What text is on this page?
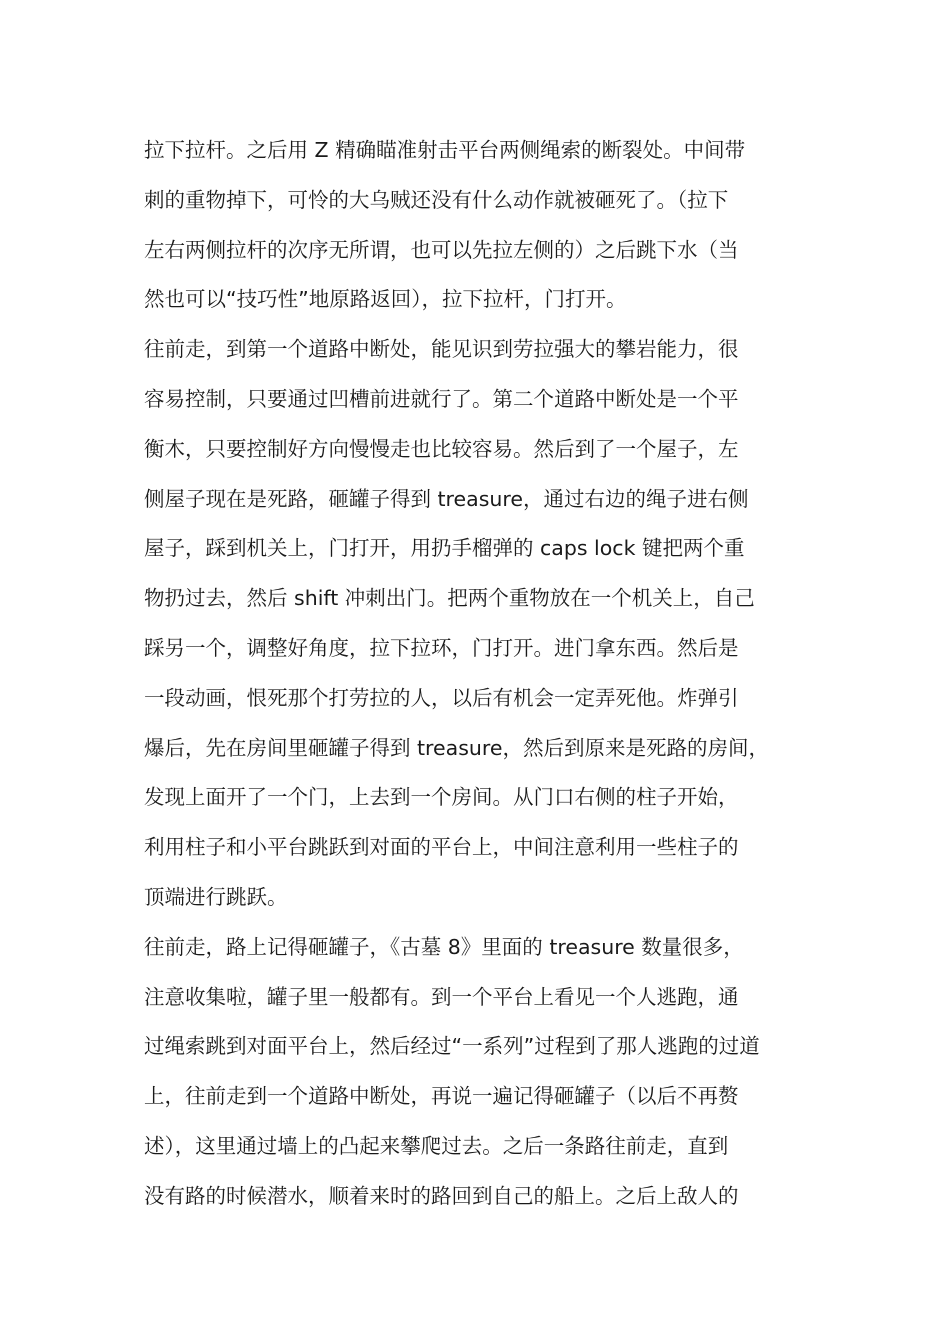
拉下拉杆。之后用 Z 精确瞄准射击平台两侧绳索的断裂处。中间带
刺的重物掉下，可怜的大乌贼还没有什么动作就被砸死了。（拉下
左右两侧拉杆的次序无所谓，也可以先拉左侧的）之后跳下水（当
然也可以“技巧性”地原路返回），拉下拉杆，门打开。
往前走，到第一个道路中断处，能见识到劳拉强大的攀岩能力，很
容易控制，只要通过凹槽前进就行了。第二个道路中断处是一个平
衡木，只要控制好方向慢慢走也比较容易。然后到了一个屋子，左
侧屋子现在是死路，砸罐子得到 treasure，通过右边的绳子进右侧
屋子，踩到机关上，门打开，用扔手榴弹的 caps lock 键把两个重
物扔过去，然后 shift 冲刺出门。把两个重物放在一个机关上，自己
踩另一个，调整好角度，拉下拉环，门打开。进门拿东西。然后是
一段动画，恨死那个打劳拉的人，以后有机会一定弄死他。炸弹引
爆后，先在房间里砸罐子得到 treasure，然后到原来是死路的房间，
发现上面开了一个门，上去到一个房间。从门口右侧的柱子开始，
利用柱子和小平台跳跃到对面的平台上，中间注意利用一些柱子的
顶端进行跳跃。
往前走，路上记得砸罐子，《古墓 8》里面的 treasure 数量很多，
注意收集啦，罐子里一般都有。到一个平台上看见一个人逃跑，通
过绳索跳到对面平台上，然后经过“一系列”过程到了那人逃跑的过道
上，往前走到一个道路中断处，再说一遍记得砸罐子（以后不再赘
述），这里通过墙上的凸起来攀爬过去。之后一条路往前走，直到
没有路的时候潜水，顺着来时的路回到自己的船上。之后上敌人的
